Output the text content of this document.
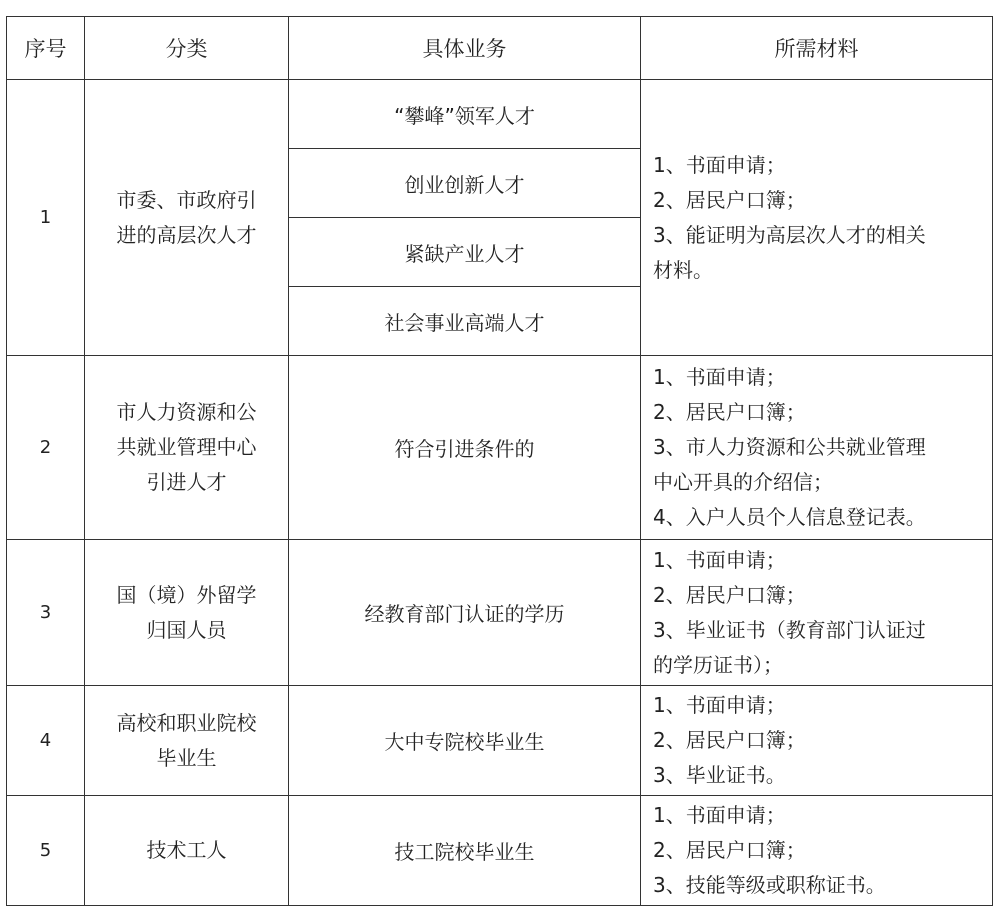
序号	分类	具体业务	所需材料
1	市委、市政府引
进的高层次人才	“攀峰”领军人才	1、书面申请；
2、居民户口簿；
3、能证明为高层次人才的相关
材料。

		创业创新人才	
		紧缺产业人才	
		社会事业高端人才	
2	市人力资源和公
共就业管理中心
引进人才	符合引进条件的	1、书面申请；
2、居民户口簿；
3、市人力资源和公共就业管理
中心开具的介绍信；
4、入户人员个人信息登记表。

3	国（境）外留学
归国人员	经教育部门认证的学历	1、书面申请；
2、居民户口簿；
3、毕业证书（教育部门认证过
的学历证书）；

4	高校和职业院校
毕业生	大中专院校毕业生	1、书面申请；
2、居民户口簿；
3、毕业证书。

5	技术工人	技工院校毕业生	1、书面申请；
2、居民户口簿；
3、技能等级或职称证书。
